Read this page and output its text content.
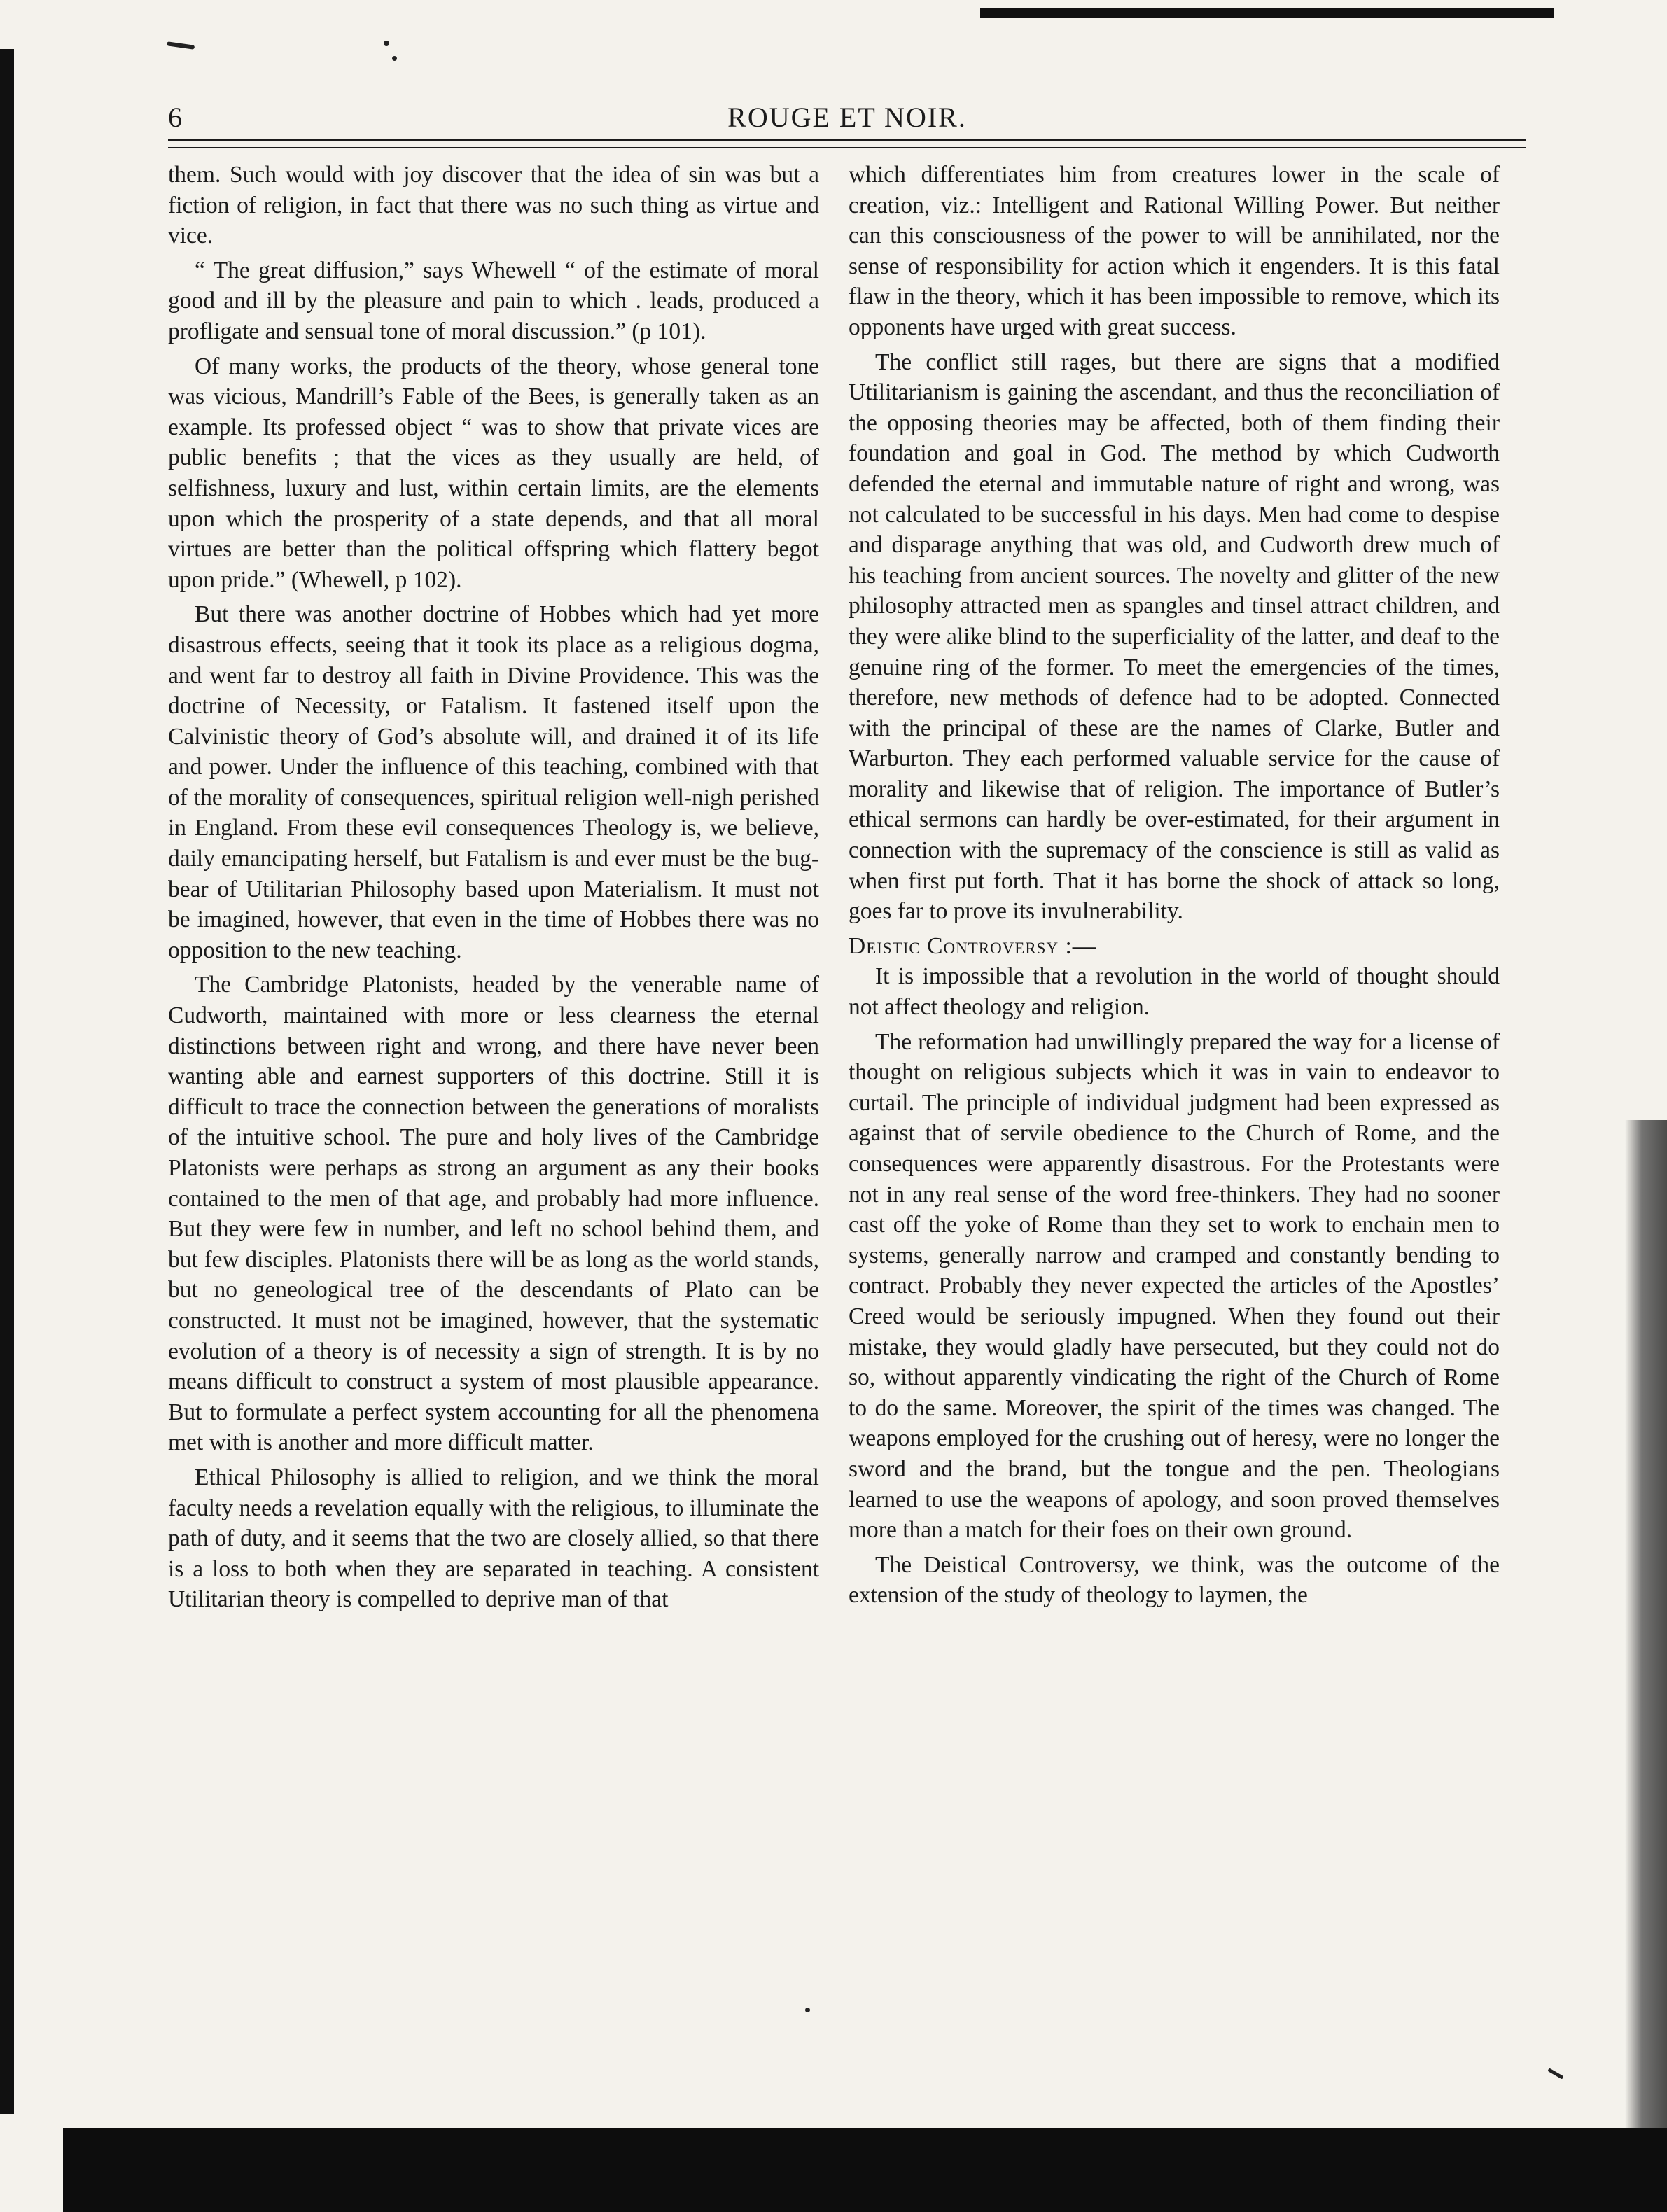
6	ROUGE ET NOIR.

them. Such would with joy discover that the idea of sin was but a fiction of religion, in fact that there was no such thing as virtue and vice.

“ The great diffusion,” says Whewell “ of the estimate of moral good and ill by the pleasure and pain to which . leads, produced a profligate and sensual tone of moral discussion.” (p 101).

Of many works, the products of the theory, whose general tone was vicious, Mandrill’s Fable of the Bees, is generally taken as an example. Its professed object “ was to show that private vices are public benefits ; that the vices as they usually are held, of selfishness, luxury and lust, within certain limits, are the elements upon which the prosperity of a state depends, and that all moral virtues are better than the political offspring which flattery begot upon pride.” (Whewell, p 102).

But there was another doctrine of Hobbes which had yet more disastrous effects, seeing that it took its place as a religious dogma, and went far to destroy all faith in Divine Providence. This was the doctrine of Necessity, or Fatalism. It fastened itself upon the Calvinistic theory of God’s absolute will, and drained it of its life and power. Under the influence of this teaching, combined with that of the morality of consequences, spiritual religion well-nigh perished in England. From these evil consequences Theology is, we believe, daily emancipating herself, but Fatalism is and ever must be the bug-bear of Utilitarian Philosophy based upon Materialism. It must not be imagined, however, that even in the time of Hobbes there was no opposition to the new teaching.

The Cambridge Platonists, headed by the venerable name of Cudworth, maintained with more or less clearness the eternal distinctions between right and wrong, and there have never been wanting able and earnest supporters of this doctrine. Still it is difficult to trace the connection between the generations of moralists of the intuitive school. The pure and holy lives of the Cambridge Platonists were perhaps as strong an argument as any their books contained to the men of that age, and probably had more influence. But they were few in number, and left no school behind them, and but few disciples. Platonists there will be as long as the world stands, but no geneological tree of the descendants of Plato can be constructed. It must not be imagined, however, that the systematic evolution of a theory is of necessity a sign of strength. It is by no means difficult to construct a system of most plausible appearance. But to formulate a perfect system accounting for all the phenomena met with is another and more difficult matter.

Ethical Philosophy is allied to religion, and we think the moral faculty needs a revelation equally with the religious, to illuminate the path of duty, and it seems that the two are closely allied, so that there is a loss to both when they are separated in teaching. A consistent Utilitarian theory is compelled to deprive man of that

which differentiates him from creatures lower in the scale of creation, viz.: Intelligent and Rational Willing Power. But neither can this consciousness of the power to will be annihilated, nor the sense of responsibility for action which it engenders. It is this fatal flaw in the theory, which it has been impossible to remove, which its opponents have urged with great success.

The conflict still rages, but there are signs that a modified Utilitarianism is gaining the ascendant, and thus the reconciliation of the opposing theories may be affected, both of them finding their foundation and goal in God. The method by which Cudworth defended the eternal and immutable nature of right and wrong, was not calculated to be successful in his days. Men had come to despise and disparage anything that was old, and Cudworth drew much of his teaching from ancient sources. The novelty and glitter of the new philosophy attracted men as spangles and tinsel attract children, and they were alike blind to the superficiality of the latter, and deaf to the genuine ring of the former. To meet the emergencies of the times, therefore, new methods of defence had to be adopted. Connected with the principal of these are the names of Clarke, Butler and Warburton. They each performed valuable service for the cause of morality and likewise that of religion. The importance of Butler’s ethical sermons can hardly be over-estimated, for their argument in connection with the supremacy of the conscience is still as valid as when first put forth. That it has borne the shock of attack so long, goes far to prove its invulnerability.

Deistic Controversy :—

It is impossible that a revolution in the world of thought should not affect theology and religion.

The reformation had unwillingly prepared the way for a license of thought on religious subjects which it was in vain to endeavor to curtail. The principle of individual judgment had been expressed as against that of servile obedience to the Church of Rome, and the consequences were apparently disastrous. For the Protestants were not in any real sense of the word free-thinkers. They had no sooner cast off the yoke of Rome than they set to work to enchain men to systems, generally narrow and cramped and constantly bending to contract. Probably they never expected the articles of the Apostles’ Creed would be seriously impugned. When they found out their mistake, they would gladly have persecuted, but they could not do so, without apparently vindicating the right of the Church of Rome to do the same. Moreover, the spirit of the times was changed. The weapons employed for the crushing out of heresy, were no longer the sword and the brand, but the tongue and the pen. Theologians learned to use the weapons of apology, and soon proved themselves more than a match for their foes on their own ground.

The Deistical Controversy, we think, was the outcome of the extension of the study of theology to laymen, the
